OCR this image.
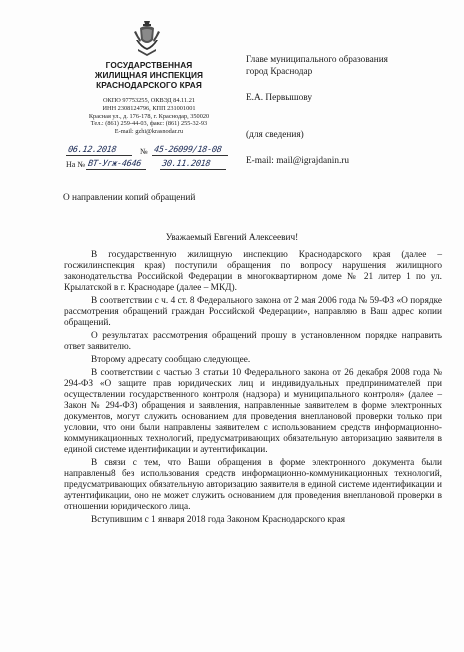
ГОСУДАРСТВЕННАЯ
ЖИЛИЩНАЯ ИНСПЕКЦИЯ
КРАСНОДАРСКОГО КРАЯ
ОКПО 97753255, ОКВЭД 84.11.21
ИНН 2308124796, КПП 231001001
Красная ул., д. 176-178, г. Краснодар, 350020
Тел.: (861) 259-44-03, факс: (861) 255-32-93
E-mail: gzhi@krasnodar.ru
06.12.2018	№ 45-26099/18-08
На № ВТ-Угж-4646 30.11.2018
Главе муниципального образования
город Краснодар
Е.А. Первышову
(для сведения)
E-mail: mail@igrajdanin.ru
О направлении копий обращений
Уважаемый Евгений Алексеевич!

В государственную жилищную инспекцию Краснодарского края (далее – госжилинспекция края) поступили обращения по вопросу нарушения жилищного законодательства Российской Федерации в многоквартирном доме № 21 литер 1 по ул. Крылатской в г. Краснодаре (далее – МКД).

В соответствии с ч. 4 ст. 8 Федерального закона от 2 мая 2006 года № 59-ФЗ «О порядке рассмотрения обращений граждан Российской Федерации», направляю в Ваш адрес копии обращений.

О результатах рассмотрения обращений прошу в установленном порядке направить ответ заявителю.

Второму адресату сообщаю следующее.

В соответствии с частью 3 статьи 10 Федерального закона от 26 декабря 2008 года № 294-ФЗ «О защите прав юридических лиц и индивидуальных предпринимателей при осуществлении государственного контроля (надзора) и муниципального контроля» (далее – Закон № 294-ФЗ) обращения и заявления, направленные заявителем в форме электронных документов, могут служить основанием для проведения внеплановой проверки только при условии, что они были направлены заявителем с использованием средств информационно-коммуникационных технологий, предусматривающих обязательную авторизацию заявителя в единой системе идентификации и аутентификации.

В связи с тем, что Ваши обращения в форме электронного документа были направлены8 без использования средств информационно-коммуникационных технологий, предусматривающих обязательную авторизацию заявителя в единой системе идентификации и аутентификации, оно не может служить основанием для проведения внеплановой проверки в отношении юридического лица.

Вступившим с 1 января 2018 года Законом Краснодарского края
